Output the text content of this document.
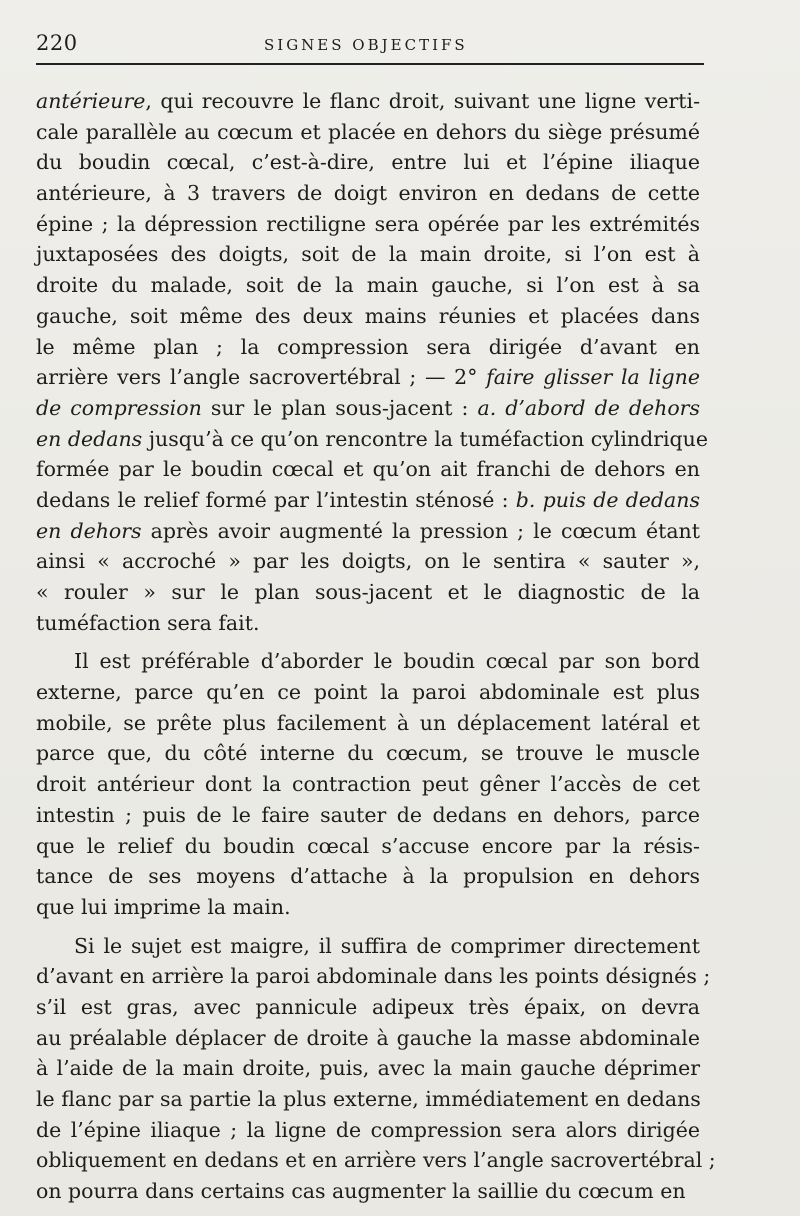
220	SIGNES OBJECTIFS
antérieure, qui recouvre le flanc droit, suivant une ligne verti-
cale parallèle au cœcum et placée en dehors du siège présumé
du boudin cœcal, c’est-à-dire, entre lui et l’épine iliaque
antérieure, à 3 travers de doigt environ en dedans de cette
épine ; la dépression rectiligne sera opérée par les extrémités
juxtaposées des doigts, soit de la main droite, si l’on est à
droite du malade, soit de la main gauche, si l’on est à sa
gauche, soit même des deux mains réunies et placées dans
le même plan ; la compression sera dirigée d’avant en
arrière vers l’angle sacrovertébral ; — 2° faire glisser la ligne
de compression sur le plan sous-jacent : a. d’abord de dehors
en dedans jusqu’à ce qu’on rencontre la tuméfaction cylindrique
formée par le boudin cœcal et qu’on ait franchi de dehors en
dedans le relief formé par l’intestin sténosé : b. puis de dedans
en dehors après avoir augmenté la pression ; le cœcum étant
ainsi « accroché » par les doigts, on le sentira « sauter »,
« rouler » sur le plan sous-jacent et le diagnostic de la
tuméfaction sera fait.
Il est préférable d’aborder le boudin cœcal par son bord
externe, parce qu’en ce point la paroi abdominale est plus
mobile, se prête plus facilement à un déplacement latéral et
parce que, du côté interne du cœcum, se trouve le muscle
droit antérieur dont la contraction peut gêner l’accès de cet
intestin ; puis de le faire sauter de dedans en dehors, parce
que le relief du boudin cœcal s’accuse encore par la résis-
tance de ses moyens d’attache à la propulsion en dehors
que lui imprime la main.
Si le sujet est maigre, il suffira de comprimer directement
d’avant en arrière la paroi abdominale dans les points désignés ;
s’il est gras, avec pannicule adipeux très épaix, on devra
au préalable déplacer de droite à gauche la masse abdominale
à l’aide de la main droite, puis, avec la main gauche déprimer
le flanc par sa partie la plus externe, immédiatement en dedans
de l’épine iliaque ; la ligne de compression sera alors dirigée
obliquement en dedans et en arrière vers l’angle sacrovertébral ;
on pourra dans certains cas augmenter la saillie du cœcum en
